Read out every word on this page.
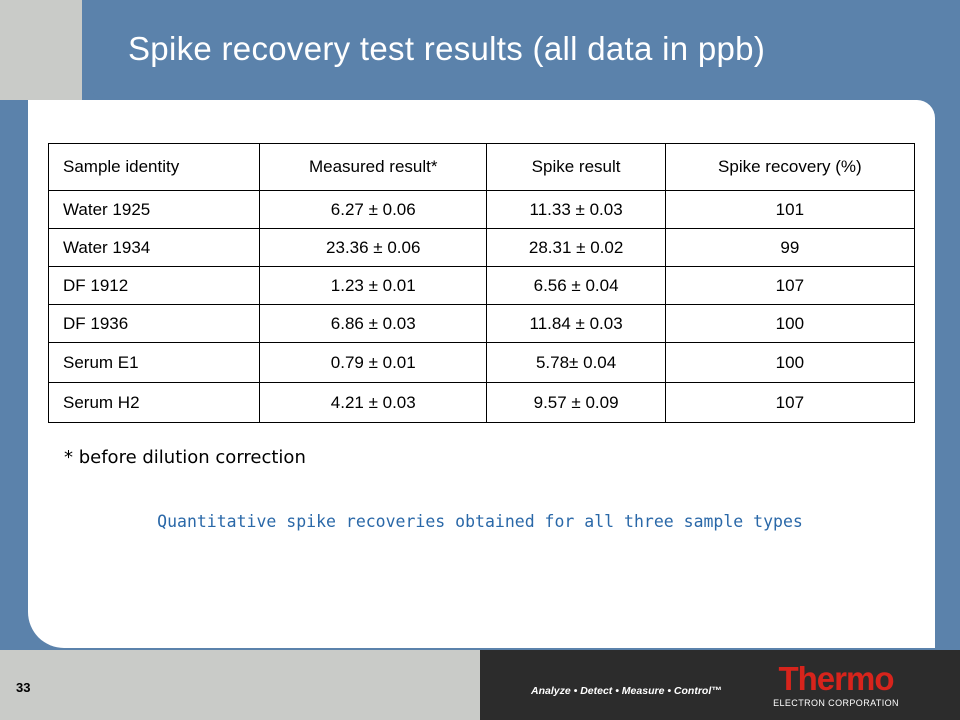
Spike recovery test results (all data in ppb)
Sample identity	Measured result*	Spike result	Spike recovery (%)
Water 1925	6.27 ± 0.06	11.33 ± 0.03	101
Water 1934	23.36 ± 0.06	28.31 ± 0.02	99
DF 1912	1.23 ± 0.01	6.56 ± 0.04	107
DF 1936	6.86 ± 0.03	11.84 ± 0.03	100
Serum E1	0.79 ± 0.01	5.78± 0.04	100
Serum H2	4.21 ± 0.03	9.57 ± 0.09	107
* before dilution correction
Quantitative spike recoveries obtained for all three sample types
33	Analyze • Detect • Measure • Control™	Thermo
ELECTRON CORPORATION
